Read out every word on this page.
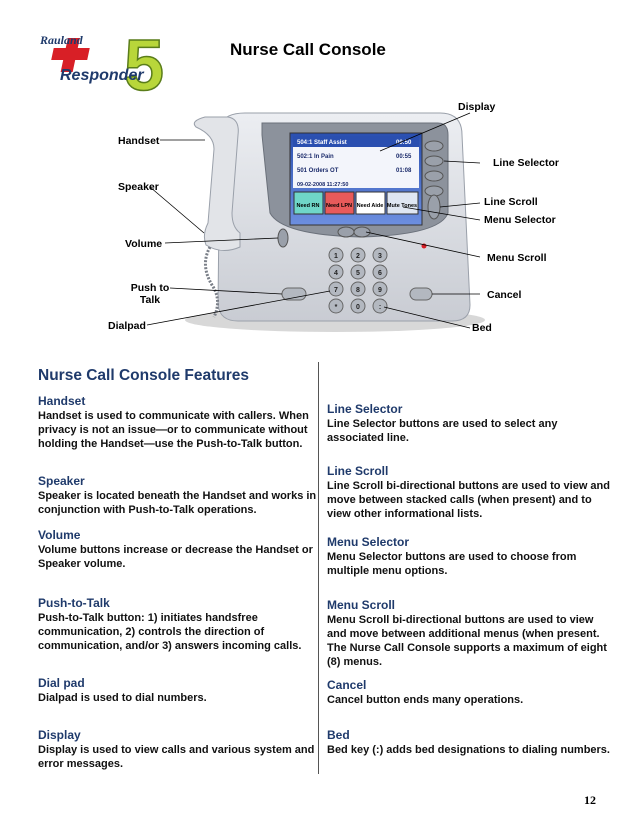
5
Rauland
Responder
Nurse Call Console
504:1 Staff Assist	00:50
502:1 In Pain	00:55
501 Orders OT	01:08
09-02-2008 11:27:50
Need RN Need LPN Need Aide Mute Tones
1	2	3
4	5	6
7	8	9
*	0	:
Display
Handset
Line Selector
Speaker
Line Scroll
Menu Selector
Volume
Menu Scroll
Push to
Talk	Cancel
Dialpad	Bed
Nurse Call Console Features
Handset
Handset is used to communicate with callers. When privacy is not an issue—or to communicate without holding the Handset—use the Push-to-Talk button.
Speaker
Speaker is located beneath the Handset and works in conjunction with Push-to-Talk operations.
Volume
Volume buttons increase or decrease the Handset or Speaker volume.
Push-to-Talk
Push-to-Talk button: 1) initiates handsfree communication, 2) controls the direction of communication, and/or 3) answers incoming calls.
Dial pad
Dialpad is used to dial numbers.
Display
Display is used to view calls and various system and error messages.
Line Selector
Line Selector buttons are used to select any associated line.
Line Scroll
Line Scroll bi-directional buttons are used to view and move between stacked calls (when present) and to view other informational lists.
Menu Selector
Menu Selector buttons are used to choose from multiple menu options.
Menu Scroll
Menu Scroll bi-directional buttons are used to view and move between additional menus (when present. The Nurse Call Console supports a maximum of eight (8) menus.
Cancel
Cancel button ends many operations.
Bed
Bed key (:) adds bed designations to dialing numbers.
12
